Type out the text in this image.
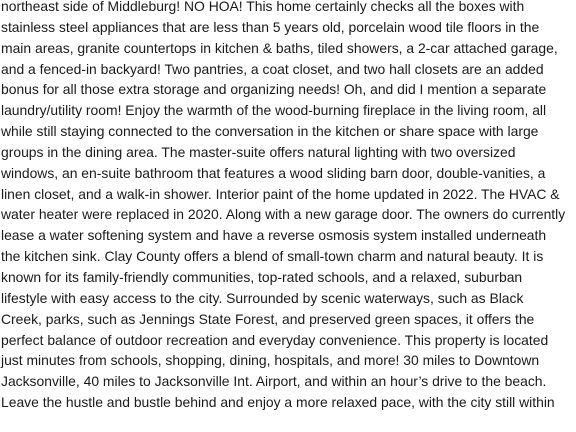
northeast side of Middleburg! NO HOA! This home certainly checks all the boxes with
stainless steel appliances that are less than 5 years old, porcelain wood tile floors in the
main areas, granite countertops in kitchen & baths, tiled showers, a 2-car attached garage,
and a fenced-in backyard! Two pantries, a coat closet, and two hall closets are an added
bonus for all those extra storage and organizing needs! Oh, and did I mention a separate
laundry/utility room! Enjoy the warmth of the wood-burning fireplace in the living room, all
while still staying connected to the conversation in the kitchen or share space with large
groups in the dining area. The master-suite offers natural lighting with two oversized
windows, an en-suite bathroom that features a wood sliding barn door, double-vanities, a
linen closet, and a walk-in shower. Interior paint of the home updated in 2022. The HVAC &
water heater were replaced in 2020. Along with a new garage door. The owners do currently
lease a water softening system and have a reverse osmosis system installed underneath
the kitchen sink. Clay County offers a blend of small-town charm and natural beauty. It is
known for its family-friendly communities, top-rated schools, and a relaxed, suburban
lifestyle with easy access to the city. Surrounded by scenic waterways, such as Black
Creek, parks, such as Jennings State Forest, and preserved green spaces, it offers the
perfect balance of outdoor recreation and everyday convenience. This property is located
just minutes from schools, shopping, dining, hospitals, and more! 30 miles to Downtown
Jacksonville, 40 miles to Jacksonville Int. Airport, and within an hour’s drive to the beach.
Leave the hustle and bustle behind and enjoy a more relaxed pace, with the city still within
